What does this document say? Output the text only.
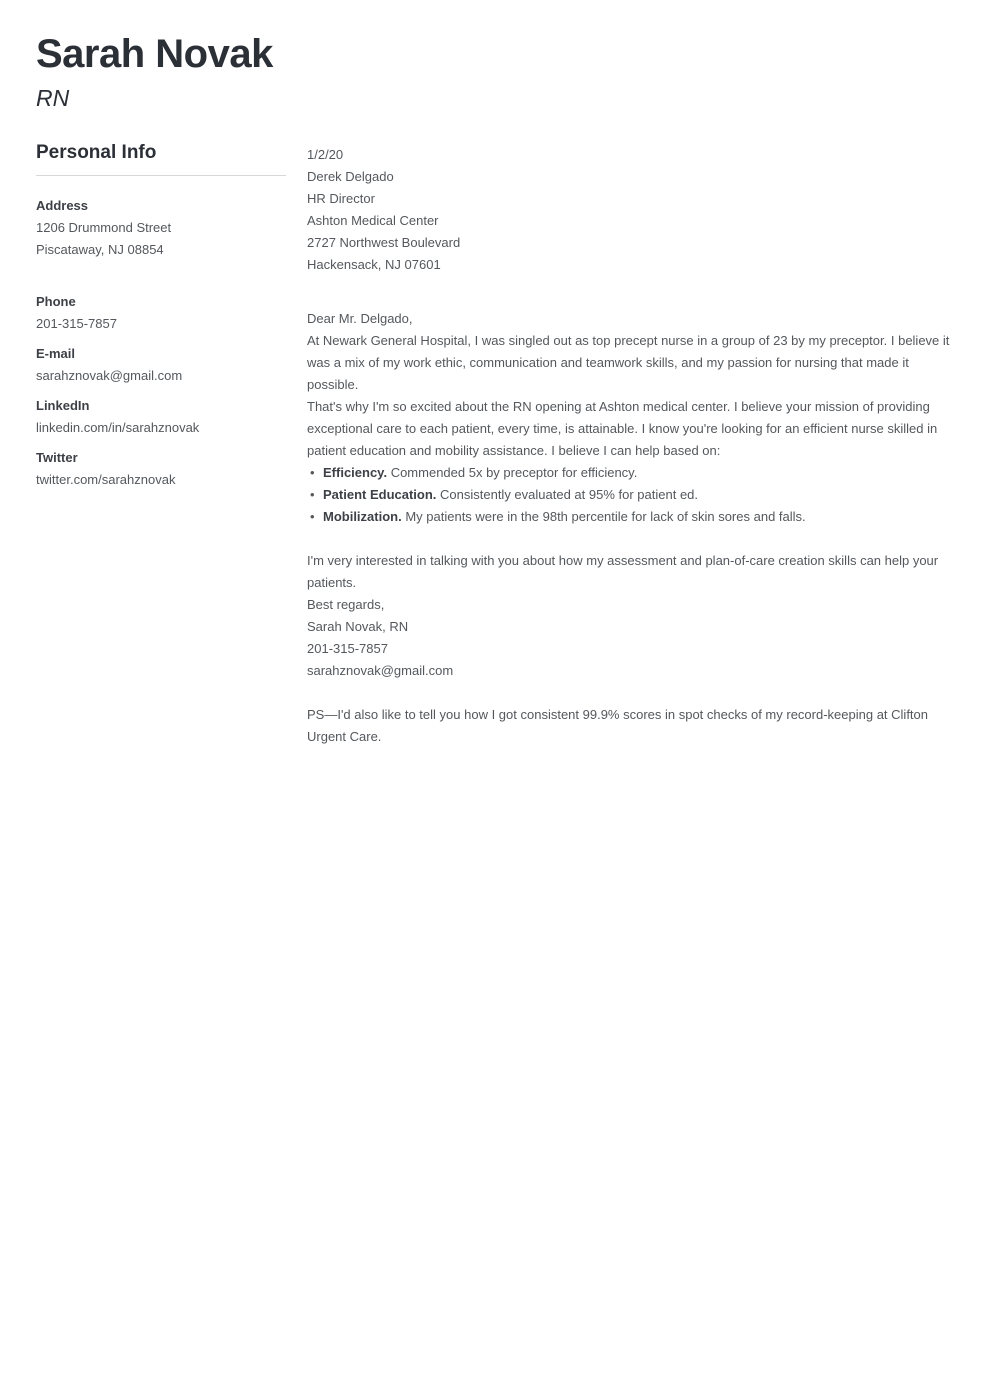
Sarah Novak
RN
Personal Info
Address
1206 Drummond Street
Piscataway, NJ 08854
Phone
201-315-7857
E-mail
sarahznovak@gmail.com
LinkedIn
linkedin.com/in/sarahznovak
Twitter
twitter.com/sarahznovak

1/2/20

Derek Delgado

HR Director

Ashton Medical Center

2727 Northwest Boulevard

Hackensack, NJ 07601

Dear Mr. Delgado,

At Newark General Hospital, I was singled out as top precept nurse in a group of 23 by my preceptor. I believe it was a mix of my work ethic, communication and teamwork skills, and my passion for nursing that made it possible.

That's why I'm so excited about the RN opening at Ashton medical center. I believe your mission of providing exceptional care to each patient, every time, is attainable. I know you're looking for an efficient nurse skilled in patient education and mobility assistance. I believe I can help based on:

• Efficiency. Commended 5x by preceptor for efficiency.
• Patient Education. Consistently evaluated at 95% for patient ed.
• Mobilization. My patients were in the 98th percentile for lack of skin sores and falls.

I'm very interested in talking with you about how my assessment and plan-of-care creation skills can help your patients.

Best regards,

Sarah Novak, RN

201-315-7857

sarahznovak@gmail.com

PS—I'd also like to tell you how I got consistent 99.9% scores in spot checks of my record-keeping at Clifton Urgent Care.
